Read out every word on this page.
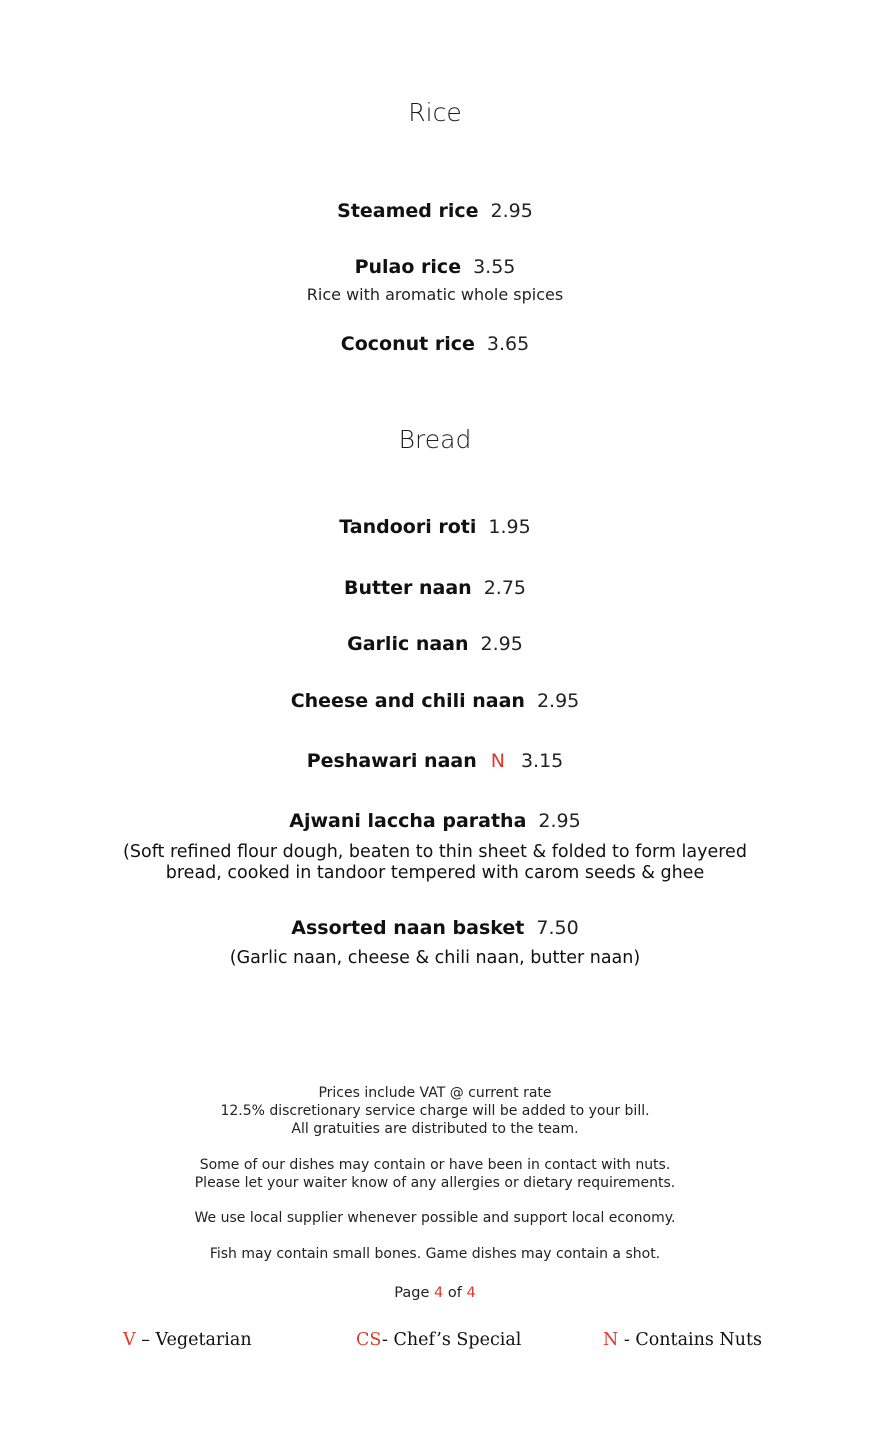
Rice
Steamed rice 2.95
Pulao rice 3.55
Rice with aromatic whole spices
Coconut rice 3.65
Bread
Tandoori roti 1.95
Butter naan 2.75
Garlic naan 2.95
Cheese and chili naan 2.95
Peshawari naan N 3.15
Ajwani laccha paratha 2.95
(Soft refined flour dough, beaten to thin sheet & folded to form layered
bread, cooked in tandoor tempered with carom seeds & ghee
Assorted naan basket 7.50
(Garlic naan, cheese & chili naan, butter naan)
Prices include VAT @ current rate
12.5% discretionary service charge will be added to your bill.
All gratuities are distributed to the team.
Some of our dishes may contain or have been in contact with nuts.
Please let your waiter know of any allergies or dietary requirements.
We use local supplier whenever possible and support local economy.
Fish may contain small bones. Game dishes may contain a shot.
Page 4 of 4
V – Vegetarian	CS- Chef’s Special	N - Contains Nuts
